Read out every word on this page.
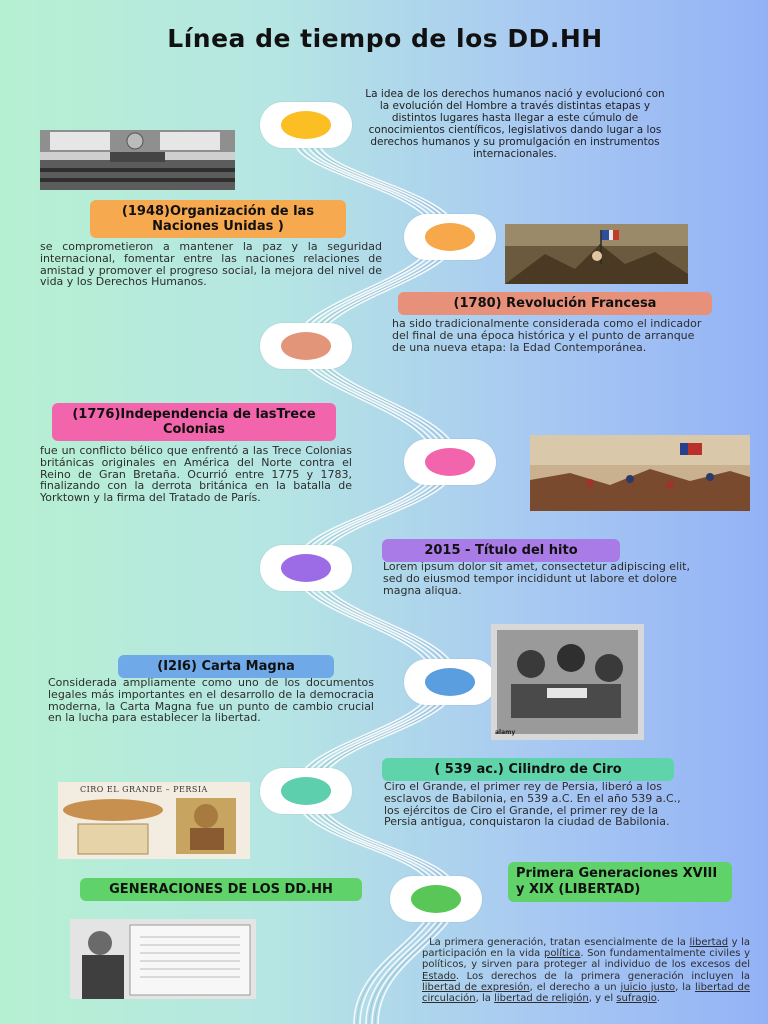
Línea de tiempo de los DD.HH
La idea de los derechos humanos nació y evolucionó con la evolución del Hombre a través distintas etapas y distintos lugares hasta llegar a este cúmulo de conocimientos científicos, legislativos dando lugar a los derechos humanos y su promulgación en instrumentos internacionales.
(1948)Organización de las Naciones Unidas )
se comprometieron a mantener la paz y la seguridad internacional, fomentar entre las naciones relaciones de amistad y promover el progreso social, la mejora del nivel de vida y los Derechos Humanos.
(1780) Revolución Francesa
ha sido tradicionalmente considerada como el indicador del final de una época histórica y el punto de arranque de una nueva etapa: la Edad Contemporánea.
(1776)Independencia de lasTrece Colonias
fue un conflicto bélico que enfrentó a las Trece Colonias británicas originales en América del Norte contra el Reino de Gran Bretaña. Ocurrió entre 1775 y 1783, finalizando con la derrota británica en la batalla de Yorktown y la firma del Tratado de París.
2015 - Título del hito
Lorem ipsum dolor sit amet, consectetur adipiscing elit, sed do eiusmod tempor incididunt ut labore et dolore magna aliqua.
alamy
(I2I6) Carta Magna
Considerada ampliamente como uno de los documentos legales más importantes en el desarrollo de la democracia moderna, la Carta Magna fue un punto de cambio crucial en la lucha para establecer la libertad.
( 539 ac.) Cilindro de Ciro
Ciro el Grande, el primer rey de Persia, liberó a los esclavos de Babilonia, en 539 a.C. En el año 539 a.C., los ejércitos de Ciro el Grande, el primer rey de la Persia antigua, conquistaron la ciudad de Babilonia.
CIRO EL GRANDE – PERSIA
GENERACIONES DE LOS DD.HH
Primera Generaciones XVIII y XIX (LIBERTAD)
La primera generación, tratan esencialmente de la libertad y la participación en la vida política. Son fundamentalmente civiles y políticos, y sirven para proteger al individuo de los excesos del Estado. Los derechos de la primera generación incluyen la libertad de expresión, el derecho a un juicio justo, la libertad de circulación, la libertad de religión, y el sufragio.
